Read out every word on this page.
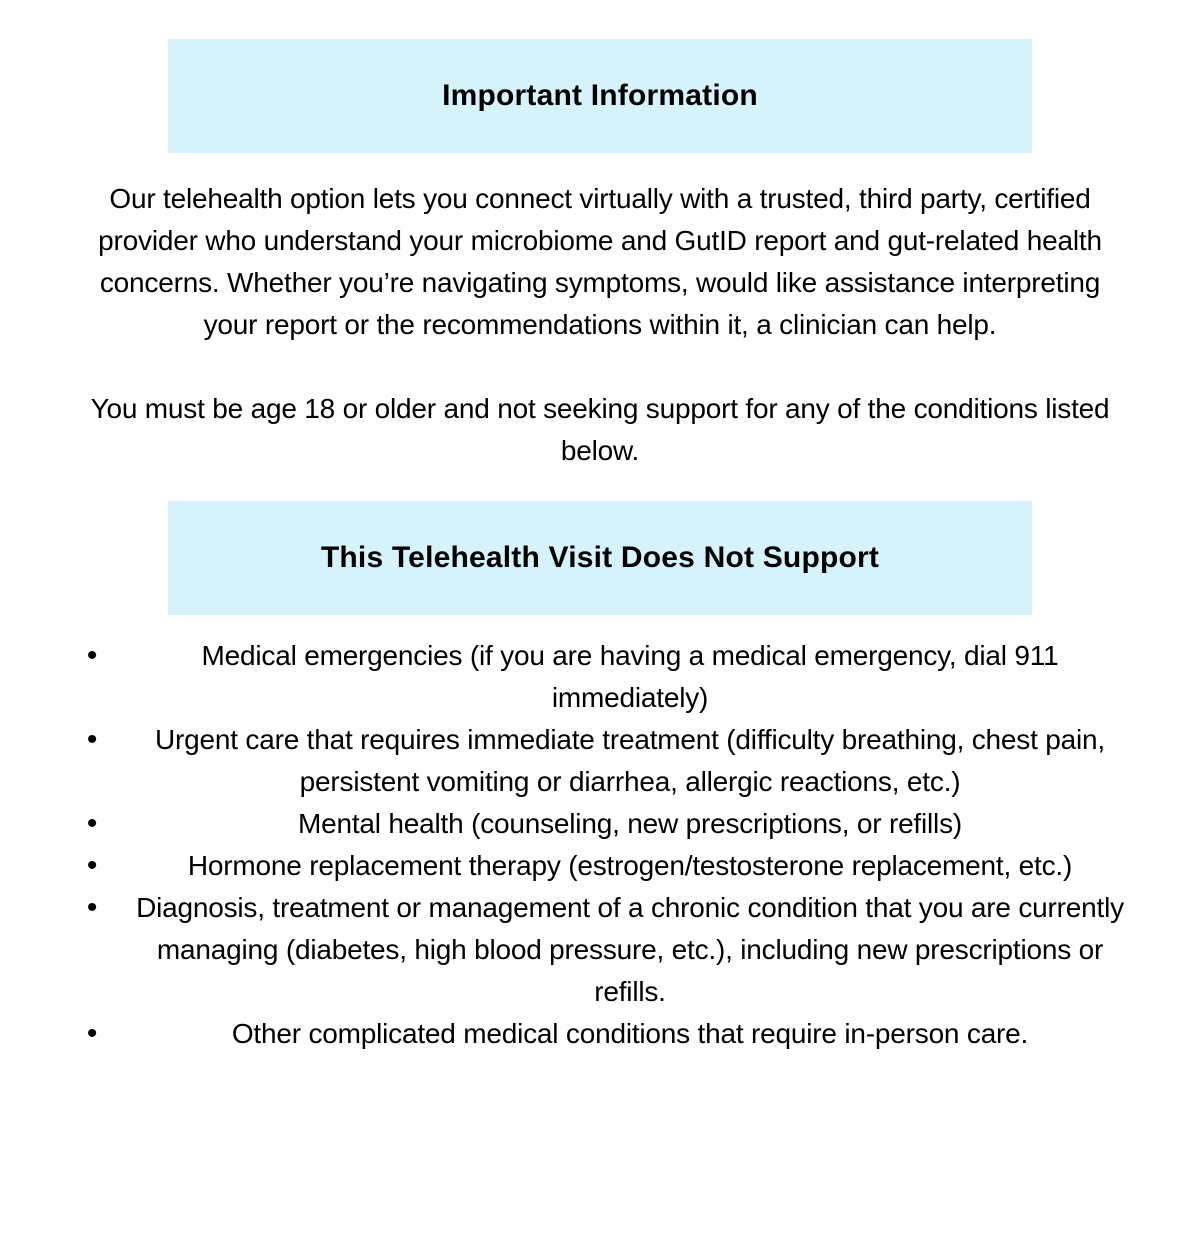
Important Information

Our telehealth option lets you connect virtually with a trusted, third party, certified provider who understand your microbiome and GutID report and gut-related health concerns. Whether you’re navigating symptoms, would like assistance interpreting your report or the recommendations within it, a clinician can help.

You must be age 18 or older and not seeking support for any of the conditions listed below.

This Telehealth Visit Does Not Support
• Medical emergencies (if you are having a medical emergency, dial 911 immediately)
• Urgent care that requires immediate treatment (difficulty breathing, chest pain, persistent vomiting or diarrhea, allergic reactions, etc.)
• Mental health (counseling, new prescriptions, or refills)
• Hormone replacement therapy (estrogen/testosterone replacement, etc.)
• Diagnosis, treatment or management of a chronic condition that you are currently managing (diabetes, high blood pressure, etc.), including new prescriptions or refills.
• Other complicated medical conditions that require in-person care.
